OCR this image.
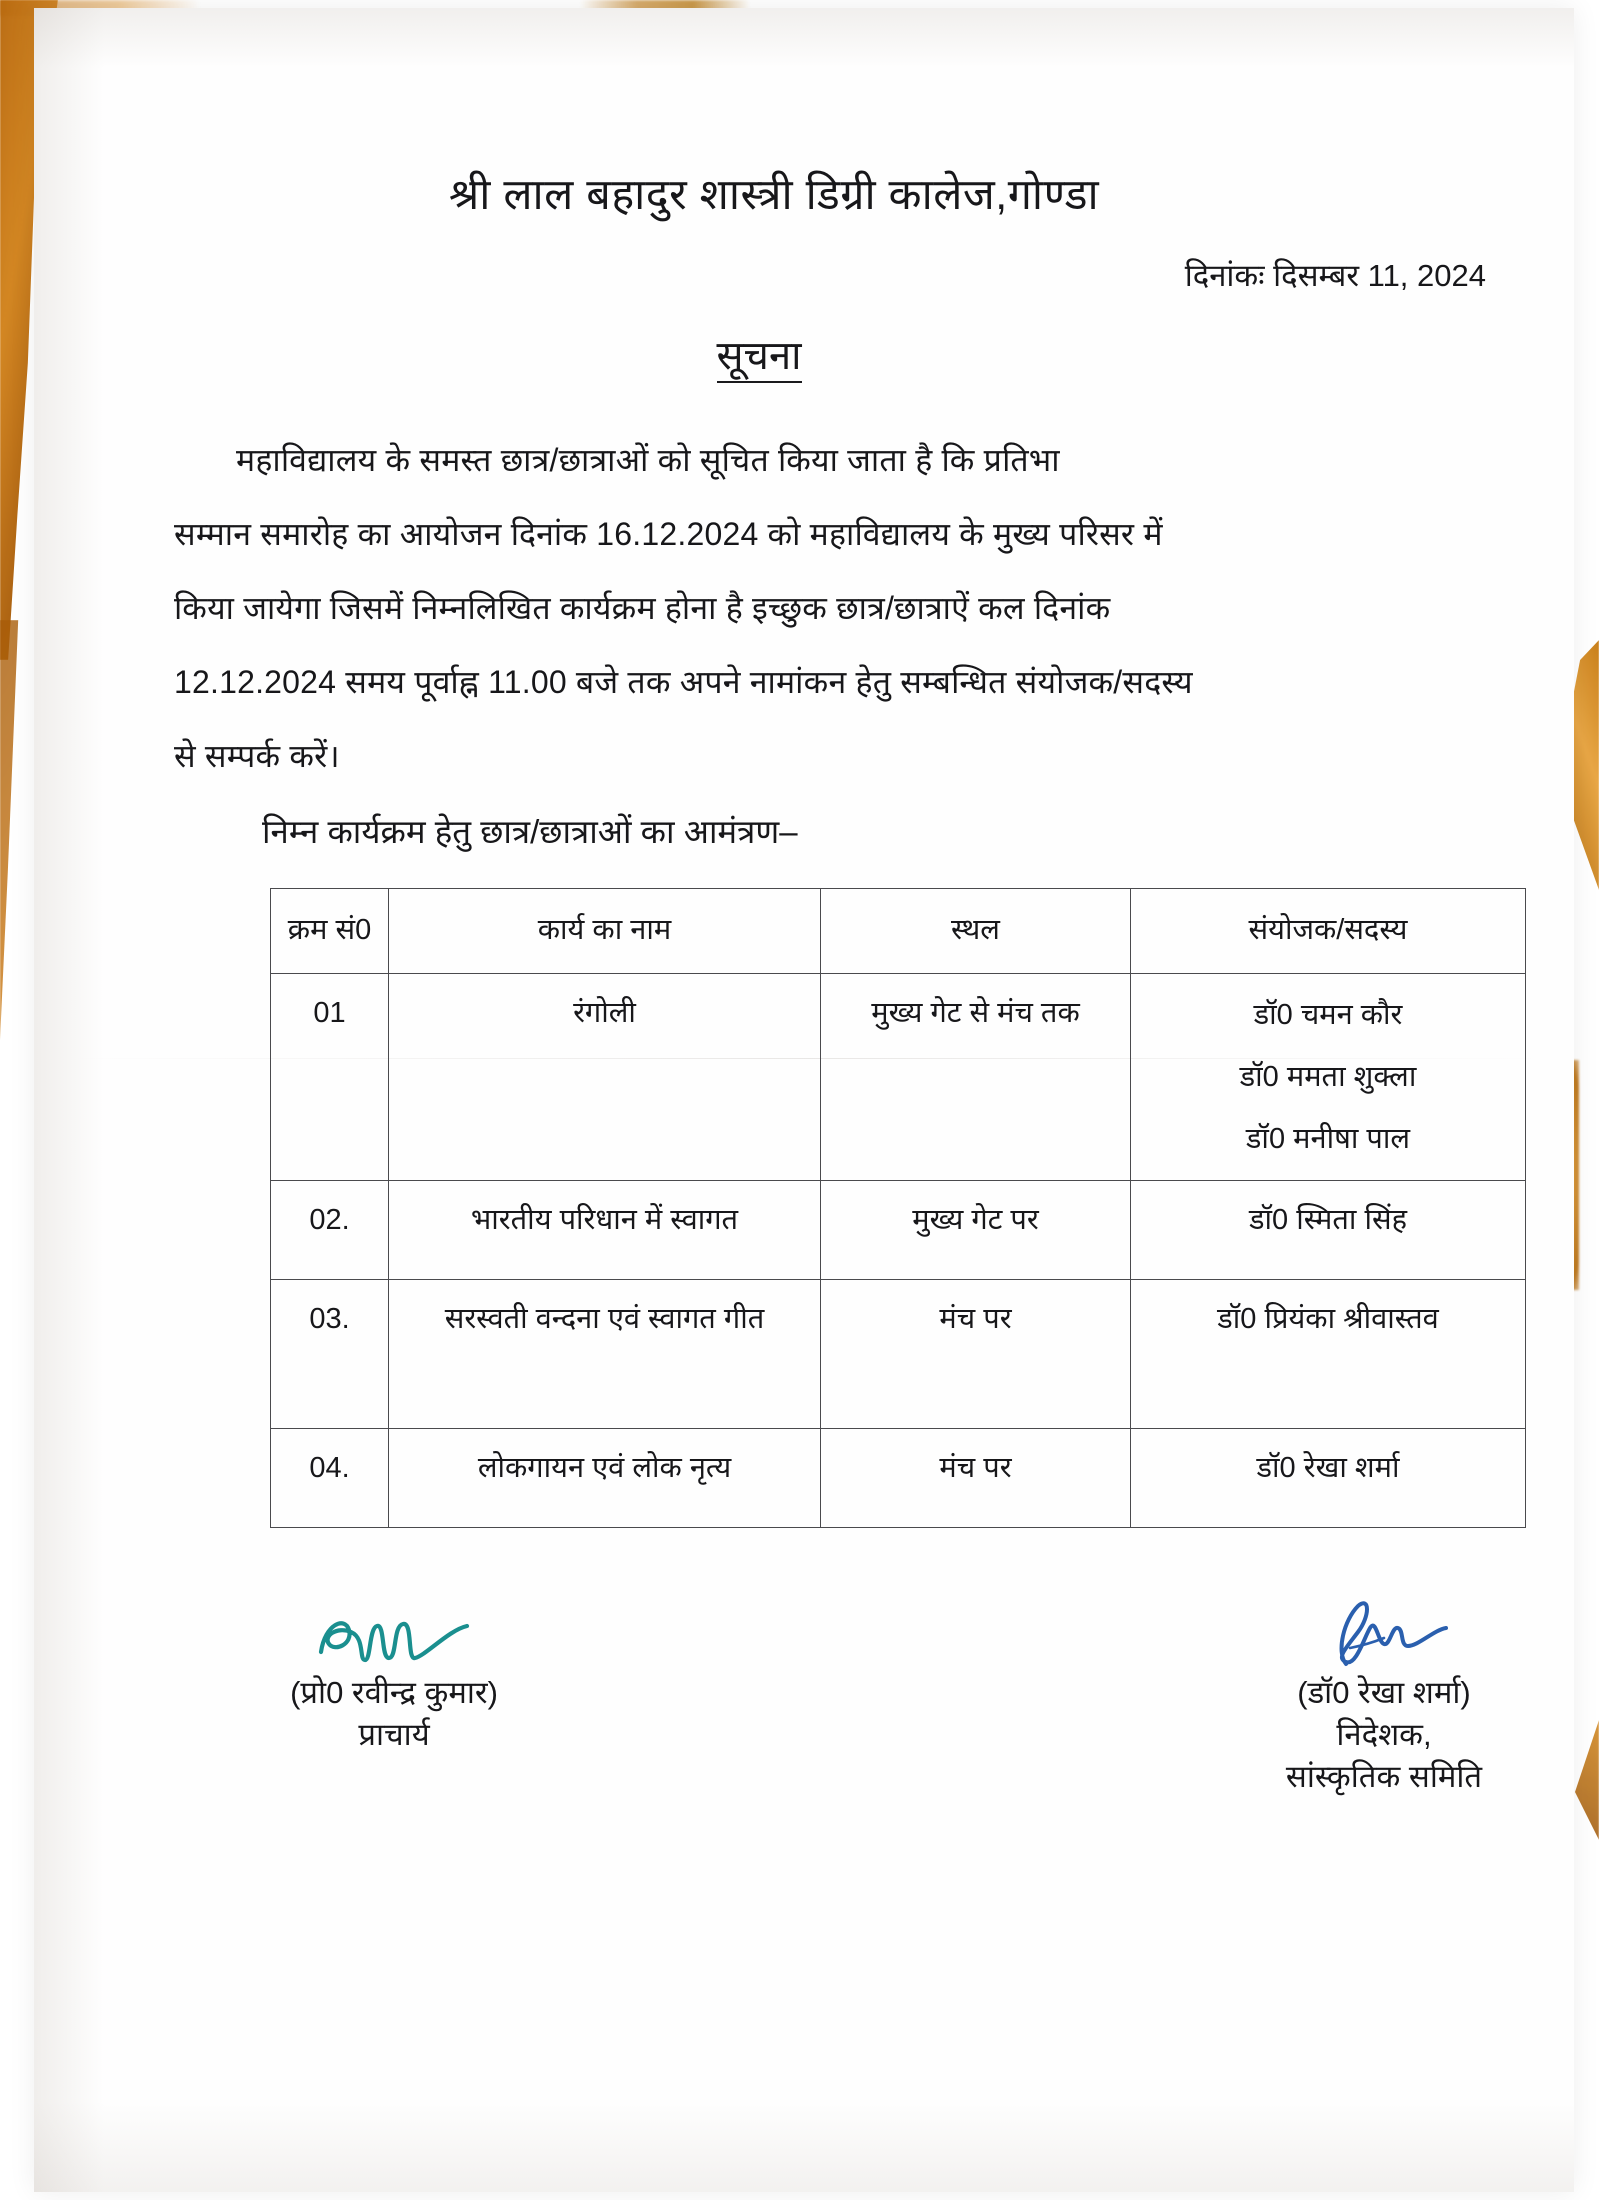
श्री लाल बहादुर शास्त्री डिग्री कालेज,गोण्डा
दिनांकः दिसम्बर 11, 2024
सूचना
महाविद्यालय के समस्त छात्र/छात्राओं को सूचित किया जाता है कि प्रतिभा
सम्मान समारोह का आयोजन दिनांक 16.12.2024 को महाविद्यालय के मुख्य परिसर में
किया जायेगा जिसमें निम्नलिखित कार्यक्रम होना है इच्छुक छात्र/छात्राऐं कल दिनांक
12.12.2024 समय पूर्वाह्न 11.00 बजे तक अपने नामांकन हेतु सम्बन्धित संयोजक/सदस्य
से सम्पर्क करें।
निम्न कार्यक्रम हेतु छात्र/छात्राओं का आमंत्रण–
क्रम सं0	कार्य का नाम	स्थल	संयोजक/सदस्य
01	रंगोली	मुख्य गेट से मंच तक	डॉ0 चमन कौर
डॉ0 ममता शुक्ला
डॉ0 मनीषा पाल

02.	भारतीय परिधान में स्वागत	मुख्य गेट पर	डॉ0 स्मिता सिंह
03.	सरस्वती वन्दना एवं स्वागत गीत	मंच पर	डॉ0 प्रियंका श्रीवास्तव
04.	लोकगायन एवं लोक नृत्य	मंच पर	डॉ0 रेखा शर्मा
(प्रो0 रवीन्द्र कुमार)
प्राचार्य
(डॉ0 रेखा शर्मा)
निदेशक,
सांस्कृतिक समिति
